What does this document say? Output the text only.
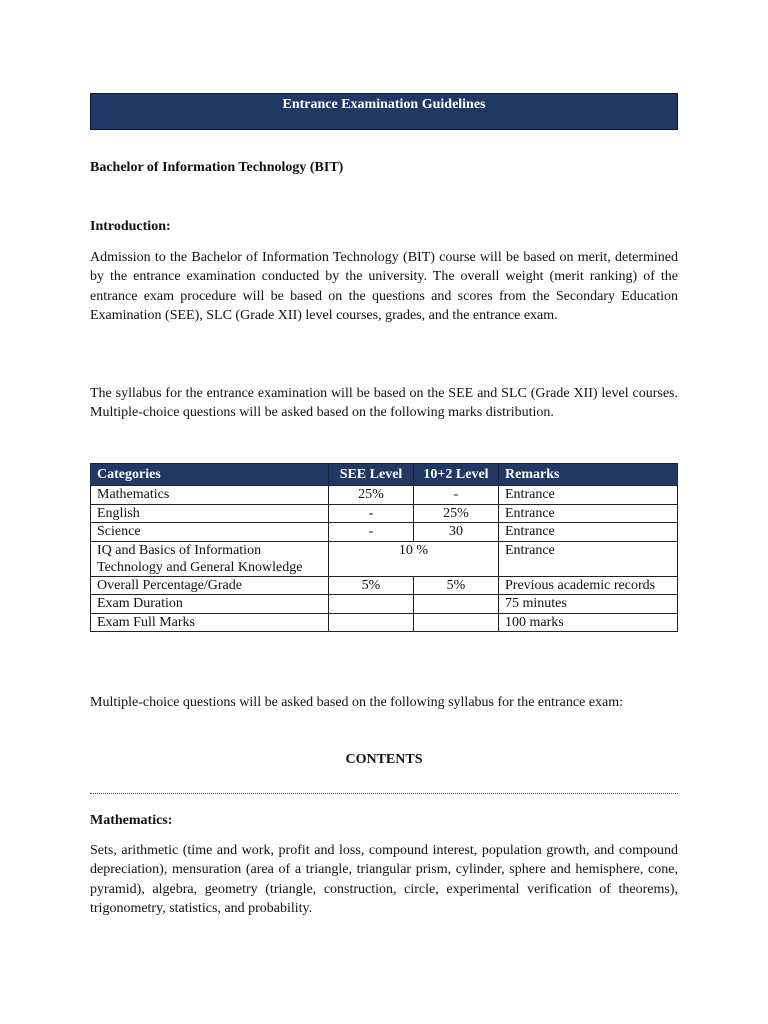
Entrance Examination Guidelines
Bachelor of Information Technology (BIT)
Introduction:
Admission to the Bachelor of Information Technology (BIT) course will be based on merit, determined by the entrance examination conducted by the university. The overall weight (merit ranking) of the entrance exam procedure will be based on the questions and scores from the Secondary Education Examination (SEE), SLC (Grade XII) level courses, grades, and the entrance exam.
The syllabus for the entrance examination will be based on the SEE and SLC (Grade XII) level courses. Multiple-choice questions will be asked based on the following marks distribution.
Categories	SEE Level	10+2 Level	Remarks
Mathematics	25%	-	Entrance
English	-	25%	Entrance
Science	-	30	Entrance
IQ and Basics of Information Technology and General Knowledge	10 %		Entrance
Overall Percentage/Grade	5%	5%	Previous academic records
Exam Duration			75 minutes
Exam Full Marks			100 marks
Multiple-choice questions will be asked based on the following syllabus for the entrance exam:
CONTENTS
Mathematics:
Sets, arithmetic (time and work, profit and loss, compound interest, population growth, and compound depreciation), mensuration (area of a triangle, triangular prism, cylinder, sphere and hemisphere, cone, pyramid), algebra, geometry (triangle, construction, circle, experimental verification of theorems), trigonometry, statistics, and probability.
